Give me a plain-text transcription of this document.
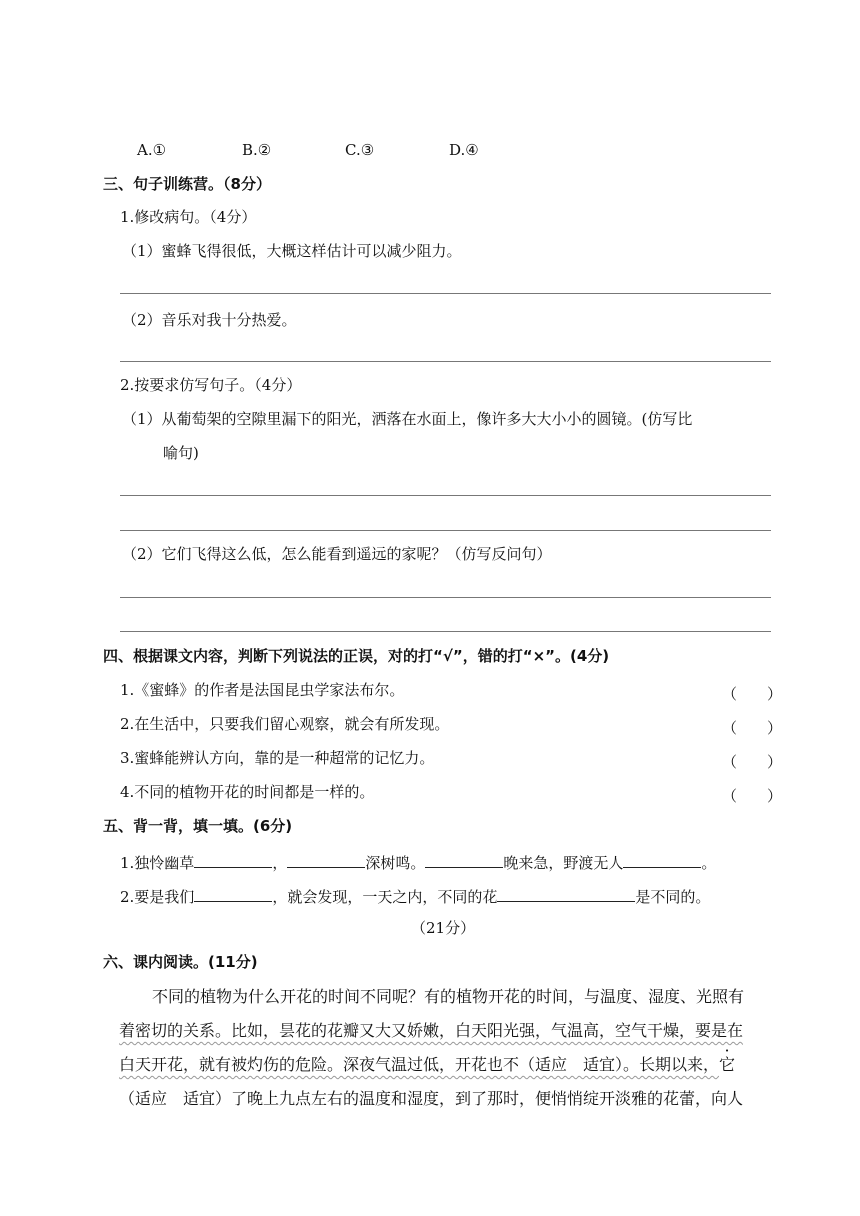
A.①	B.②	C.③	D.④
三、句子训练营。（8分）
1.修改病句。（4分）
（1）蜜蜂飞得很低，大概这样估计可以减少阻力。
（2）音乐对我十分热爱。
2.按要求仿写句子。（4分）
（1）从葡萄架的空隙里漏下的阳光，洒落在水面上，像许多大大小小的圆镜。(仿写比
喻句)
（2）它们飞得这么低，怎么能看到遥远的家呢？（仿写反问句）
四、根据课文内容，判断下列说法的正误，对的打“√”，错的打“×”。(4分)
1.《蜜蜂》的作者是法国昆虫学家法布尔。	（　　）
2.在生活中，只要我们留心观察，就会有所发现。	（　　）
3.蜜蜂能辨认方向，靠的是一种超常的记忆力。	（　　）
4.不同的植物开花的时间都是一样的。	（　　）
五、背一背，填一填。(6分)
1.独怜幽草	，	深树鸣。	晚来急，野渡无人	。
2.要是我们	，就会发现，一天之内，不同的花	是不同的。
（21分）
六、课内阅读。(11分)
不同的植物为什么开花的时间不同呢？有的植物开花的时间，与温度、湿度、光照有
着密切的关系。比如，昙花的花瓣又大又娇嫩，白天阳光强，气温高，空气干燥，要是在
白天开花，就有被灼伤的危险。深夜气温过低，开花也不（适应　适宜）。长期以来，它
（适应　适宜）了晚上九点左右的温度和湿度，到了那时，便悄悄绽开淡雅的花蕾，向人
